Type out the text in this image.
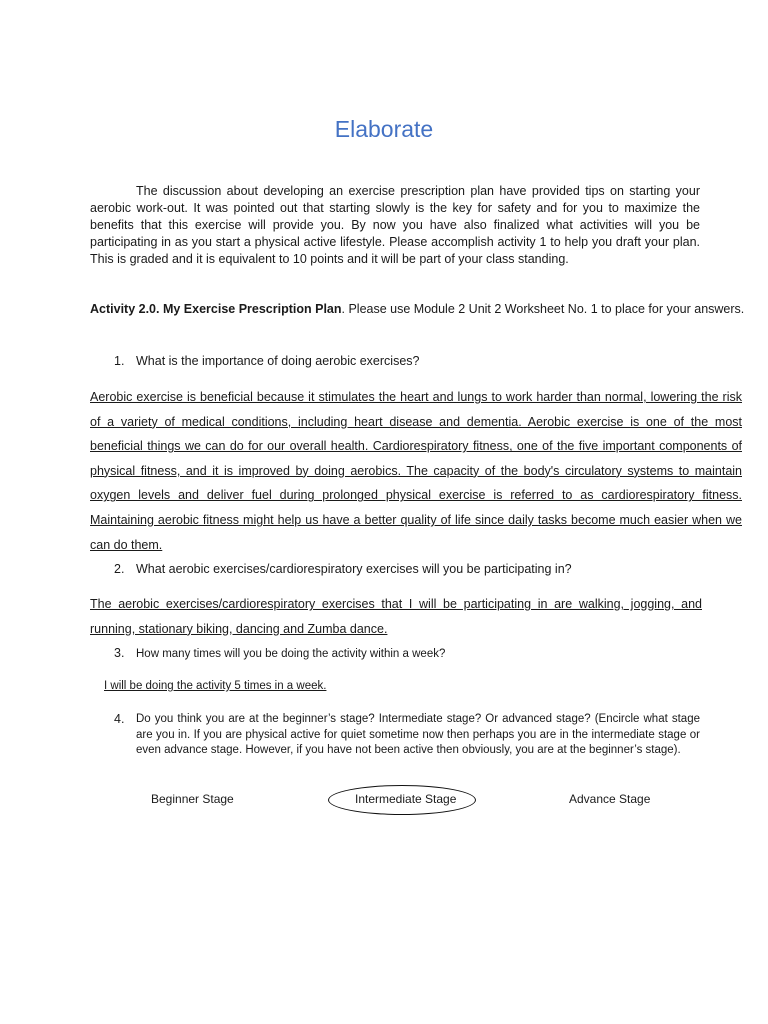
Elaborate
The discussion about developing an exercise prescription plan have provided tips on starting your aerobic work-out. It was pointed out that starting slowly is the key for safety and for you to maximize the benefits that this exercise will provide you. By now you have also finalized what activities will you be participating in as you start a physical active lifestyle. Please accomplish activity 1 to help you draft your plan. This is graded and it is equivalent to 10 points and it will be part of your class standing.
Activity 2.0. My Exercise Prescription Plan. Please use Module 2 Unit 2 Worksheet No. 1 to place for your answers.
1. What is the importance of doing aerobic exercises?
Aerobic exercise is beneficial because it stimulates the heart and lungs to work harder than normal, lowering the risk of a variety of medical conditions, including heart disease and dementia. Aerobic exercise is one of the most beneficial things we can do for our overall health. Cardiorespiratory fitness, one of the five important components of physical fitness, and it is improved by doing aerobics. The capacity of the body's circulatory systems to maintain oxygen levels and deliver fuel during prolonged physical exercise is referred to as cardiorespiratory fitness. Maintaining aerobic fitness might help us have a better quality of life since daily tasks become much easier when we can do them.
2. What aerobic exercises/cardiorespiratory exercises will you be participating in?
The aerobic exercises/cardiorespiratory exercises that I will be participating in are walking, jogging, and running, stationary biking, dancing and Zumba dance.
3. How many times will you be doing the activity within a week?
I will be doing the activity 5 times in a week.
4. Do you think you are at the beginner’s stage? Intermediate stage? Or advanced stage? (Encircle what stage are you in. If you are physical active for quiet sometime now then perhaps you are in the intermediate stage or even advance stage. However, if you have not been active then obviously, you are at the beginner’s stage).
Beginner Stage	Intermediate Stage	Advance Stage
